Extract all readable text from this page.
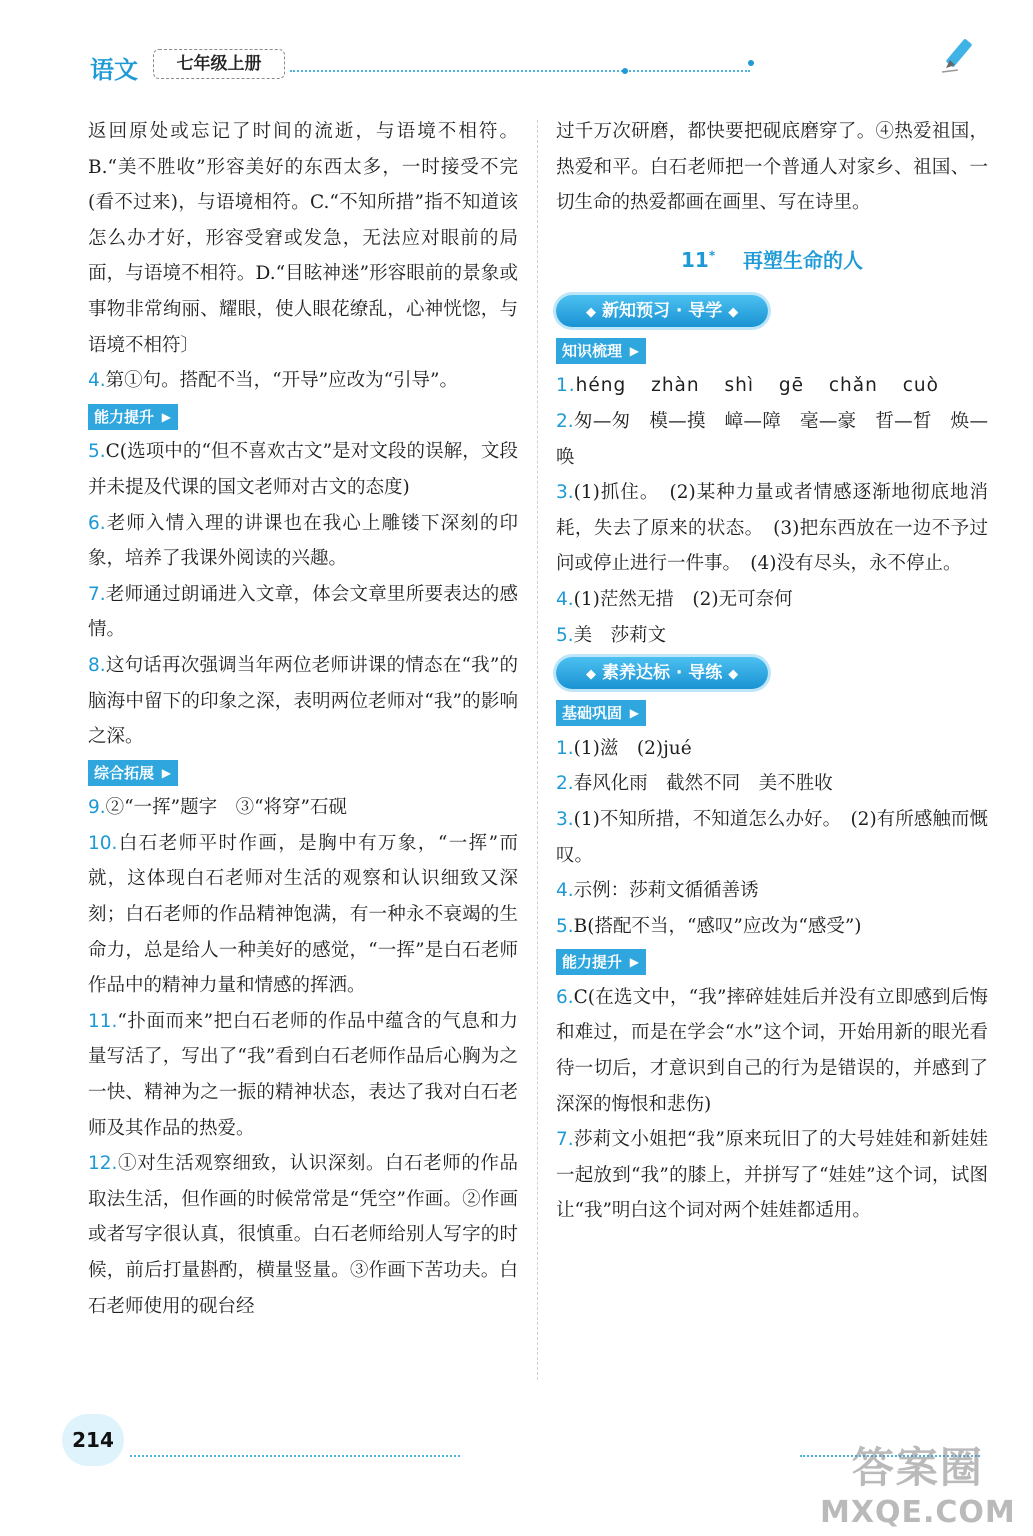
语文	七年级上册

返回原处或忘记了时间的流逝，与语境不相符。B.“美不胜收”形容美好的东西太多，一时接受不完(看不过来)，与语境相符。C.“不知所措”指不知道该怎么办才好，形容受窘或发急，无法应对眼前的局面，与语境不相符。D.“目眩神迷”形容眼前的景象或事物非常绚丽、耀眼，使人眼花缭乱，心神恍惚，与语境不相符〕

4.第①句。搭配不当，“开导”应改为“引导”。

能力提升 ▶

5.C(选项中的“但不喜欢古文”是对文段的误解，文段并未提及代课的国文老师对古文的态度)

6.老师入情入理的讲课也在我心上雕镂下深刻的印象，培养了我课外阅读的兴趣。

7.老师通过朗诵进入文章，体会文章里所要表达的感情。

8.这句话再次强调当年两位老师讲课的情态在“我”的脑海中留下的印象之深，表明两位老师对“我”的影响之深。

综合拓展 ▶

9.②“一挥”题字　③“将穿”石砚

10.白石老师平时作画，是胸中有万象，“一挥”而就，这体现白石老师对生活的观察和认识细致又深刻；白石老师的作品精神饱满，有一种永不衰竭的生命力，总是给人一种美好的感觉，“一挥”是白石老师作品中的精神力量和情感的挥洒。

11.“扑面而来”把白石老师的作品中蕴含的气息和力量写活了，写出了“我”看到白石老师作品后心胸为之一快、精神为之一振的精神状态，表达了我对白石老师及其作品的热爱。

12.①对生活观察细致，认识深刻。白石老师的作品取法生活，但作画的时候常常是“凭空”作画。②作画或者写字很认真，很慎重。白石老师给别人写字的时候，前后打量斟酌，横量竖量。③作画下苦功夫。白石老师使用的砚台经

过千万次研磨，都快要把砚底磨穿了。④热爱祖国，热爱和平。白石老师把一个普通人对家乡、祖国、一切生命的热爱都画在画里、写在诗里。

11* 再塑生命的人
◆ 新知预习 · 导学 ◆
知识梳理 ▶

1.héng zhàn shì gē chǎn cuò

2.匆—匆　模—摸　嶂—障　毫—豪　晢—晳　焕—唤

3.(1)抓住。　(2)某种力量或者情感逐渐地彻底地消耗，失去了原来的状态。　(3)把东西放在一边不予过问或停止进行一件事。　(4)没有尽头，永不停止。

4.(1)茫然无措　(2)无可奈何

5.美　莎莉文

◆ 素养达标 · 导练 ◆
基础巩固 ▶

1.(1)滋　(2)jué

2.春风化雨　截然不同　美不胜收

3.(1)不知所措，不知道怎么办好。　(2)有所感触而慨叹。

4.示例：莎莉文循循善诱

5.B(搭配不当，“感叹”应改为“感受”)

能力提升 ▶

6.C(在选文中，“我”摔碎娃娃后并没有立即感到后悔和难过，而是在学会“水”这个词，开始用新的眼光看待一切后，才意识到自己的行为是错误的，并感到了深深的悔恨和悲伤)

7.莎莉文小姐把“我”原来玩旧了的大号娃娃和新娃娃一起放到“我”的膝上，并拼写了“娃娃”这个词，试图让“我”明白这个词对两个娃娃都适用。

214
答案圈
MXQE.COM
